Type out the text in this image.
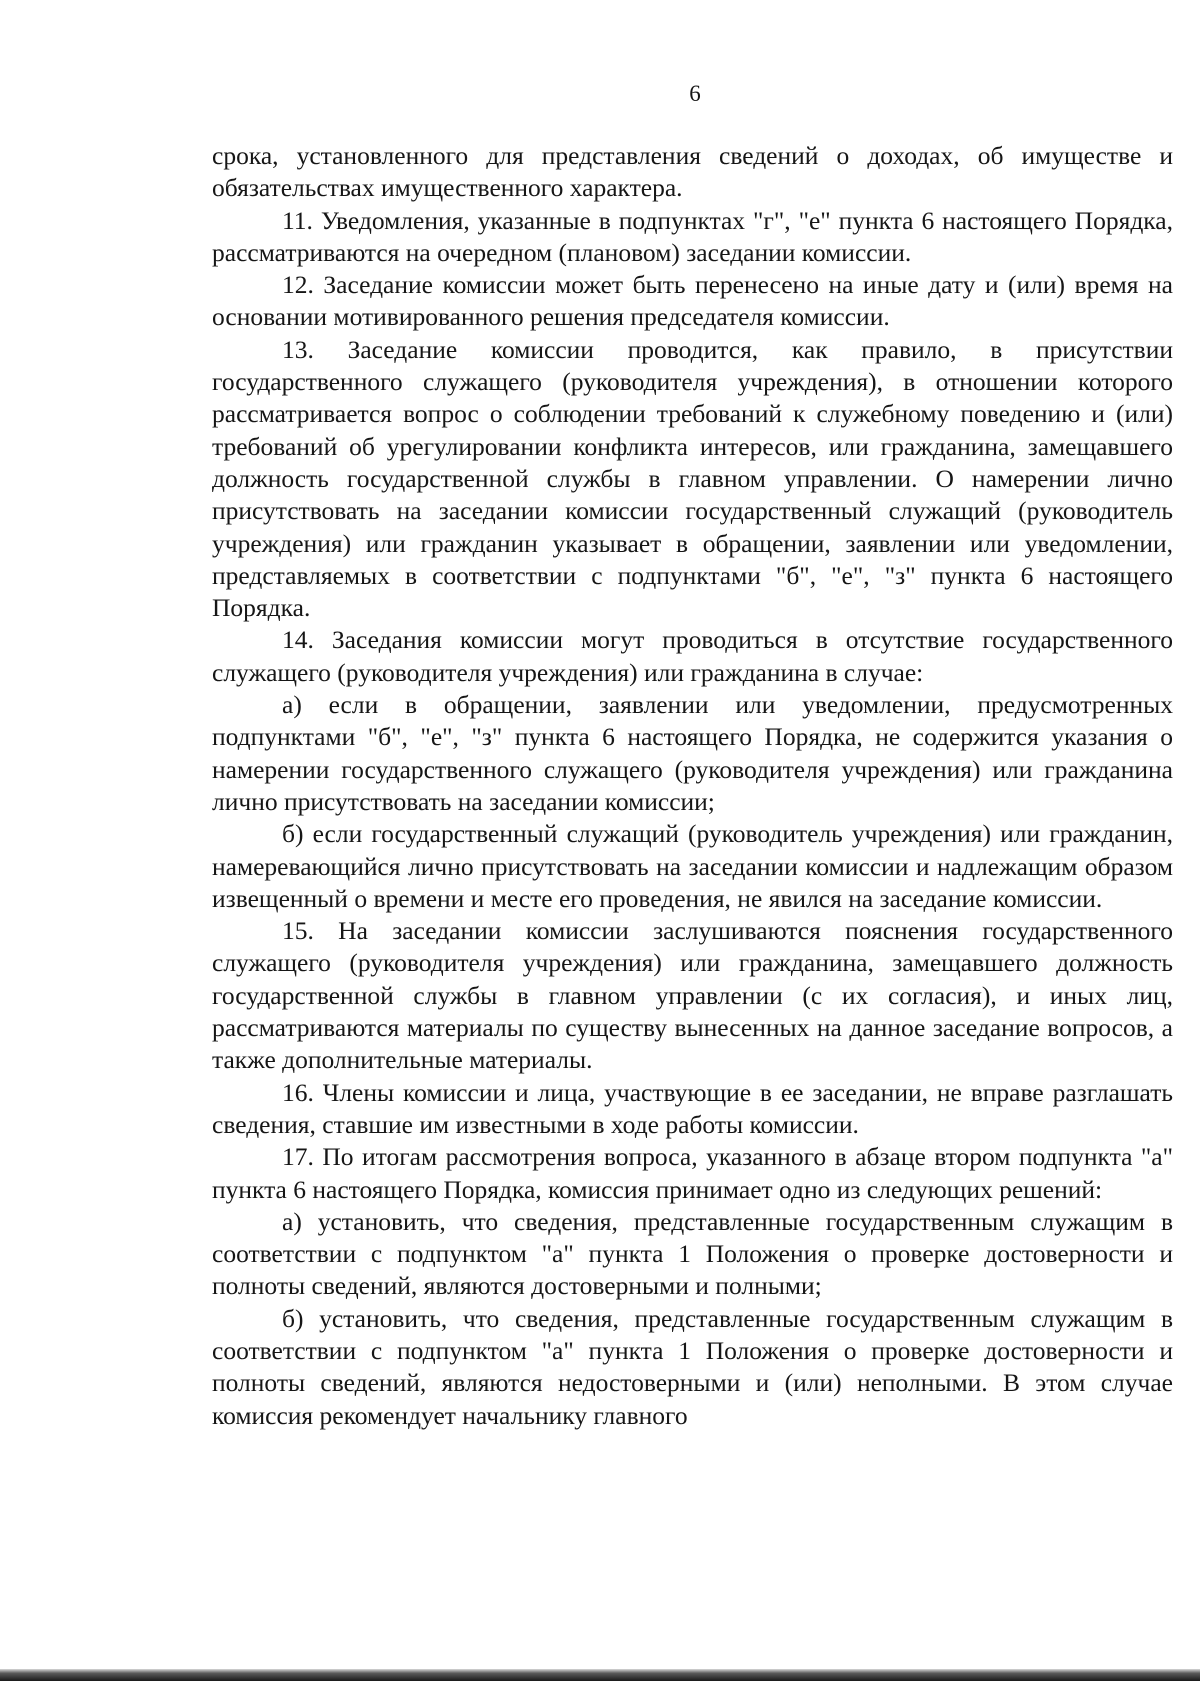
6

срока, установленного для представления сведений о доходах, об имуществе и обязательствах имущественного характера.

11. Уведомления, указанные в подпунктах "г", "е" пункта 6 настоящего Порядка, рассматриваются на очередном (плановом) заседании комиссии.

12. Заседание комиссии может быть перенесено на иные дату и (или) время на основании мотивированного решения председателя комиссии.

13. Заседание комиссии проводится, как правило, в присутствии государственного служащего (руководителя учреждения), в отношении которого рассматривается вопрос о соблюдении требований к служебному поведению и (или) требований об урегулировании конфликта интересов, или гражданина, замещавшего должность государственной службы в главном управлении. О намерении лично присутствовать на заседании комиссии государственный служащий (руководитель учреждения) или гражданин указывает в обращении, заявлении или уведомлении, представляемых в соответствии с подпунктами "б", "е", "з" пункта 6 настоящего Порядка.

14. Заседания комиссии могут проводиться в отсутствие государственного служащего (руководителя учреждения) или гражданина в случае:

а) если в обращении, заявлении или уведомлении, предусмотренных подпунктами "б", "е", "з" пункта 6 настоящего Порядка, не содержится указания о намерении государственного служащего (руководителя учреждения) или гражданина лично присутствовать на заседании комиссии;

б) если государственный служащий (руководитель учреждения) или гражданин, намеревающийся лично присутствовать на заседании комиссии и надлежащим образом извещенный о времени и месте его проведения, не явился на заседание комиссии.

15. На заседании комиссии заслушиваются пояснения государственного служащего (руководителя учреждения) или гражданина, замещавшего должность государственной службы в главном управлении (с их согласия), и иных лиц, рассматриваются материалы по существу вынесенных на данное заседание вопросов, а также дополнительные материалы.

16. Члены комиссии и лица, участвующие в ее заседании, не вправе разглашать сведения, ставшие им известными в ходе работы комиссии.

17. По итогам рассмотрения вопроса, указанного в абзаце втором подпункта "а" пункта 6 настоящего Порядка, комиссия принимает одно из следующих решений:

а) установить, что сведения, представленные государственным служащим в соответствии с подпунктом "а" пункта 1 Положения о проверке достоверности и полноты сведений, являются достоверными и полными;

б) установить, что сведения, представленные государственным служащим в соответствии с подпунктом "а" пункта 1 Положения о проверке достоверности и полноты сведений, являются недостоверными и (или) неполными. В этом случае комиссия рекомендует начальнику главного
